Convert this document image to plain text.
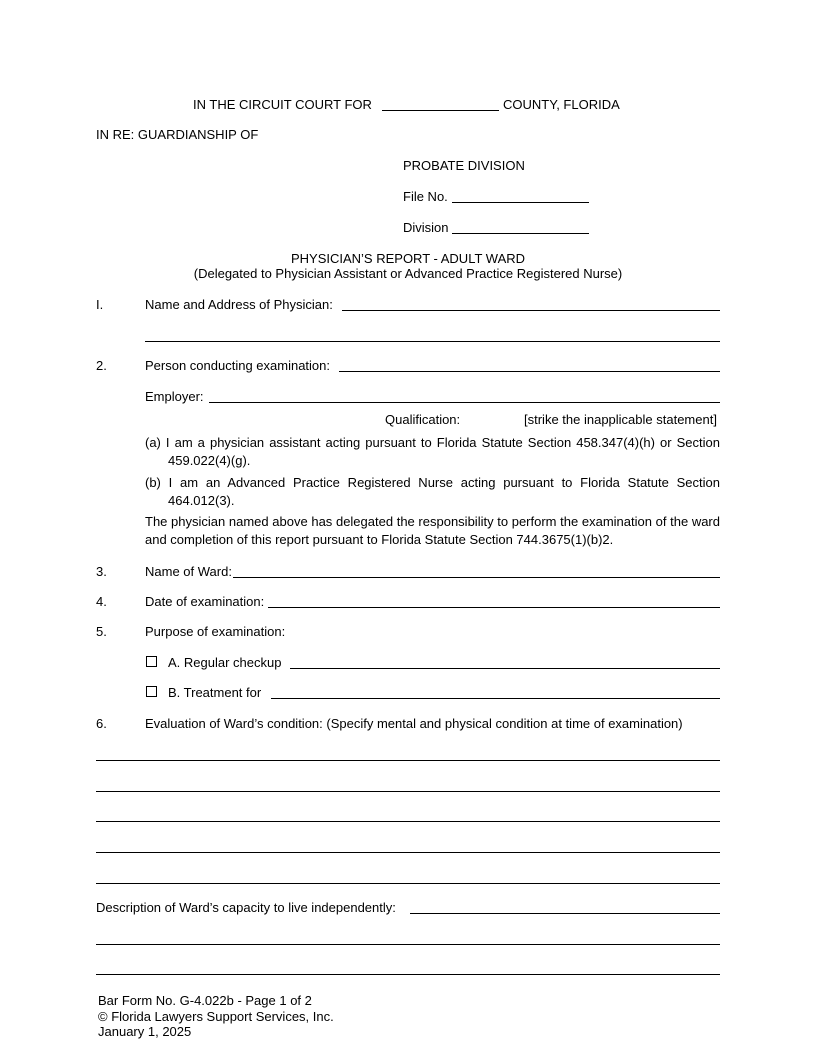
IN THE CIRCUIT COURT FOR	COUNTY, FLORIDA
IN RE: GUARDIANSHIP OF
PROBATE DIVISION
File No.
Division
PHYSICIAN’S REPORT - ADULT WARD
(Delegated to Physician Assistant or Advanced Practice Registered Nurse)
I.	Name and Address of Physician:
2.	Person conducting examination:
Employer:
Qualification:	[strike the inapplicable statement]
(a) I am a physician assistant acting pursuant to Florida Statute Section 458.347(4)(h) or Section 459.022(4)(g).
(b) I am an Advanced Practice Registered Nurse acting pursuant to Florida Statute Section 464.012(3).
The physician named above has delegated the responsibility to perform the examination of the ward and completion of this report pursuant to Florida Statute Section 744.3675(1)(b)2.
3.	Name of Ward:
4.	Date of examination:
5.	Purpose of examination:
A. Regular checkup
B. Treatment for
6.	Evaluation of Ward’s condition: (Specify mental and physical condition at time of examination)
Description of Ward’s capacity to live independently:
Bar Form No. G-4.022b - Page 1 of 2
© Florida Lawyers Support Services, Inc.
January 1, 2025
